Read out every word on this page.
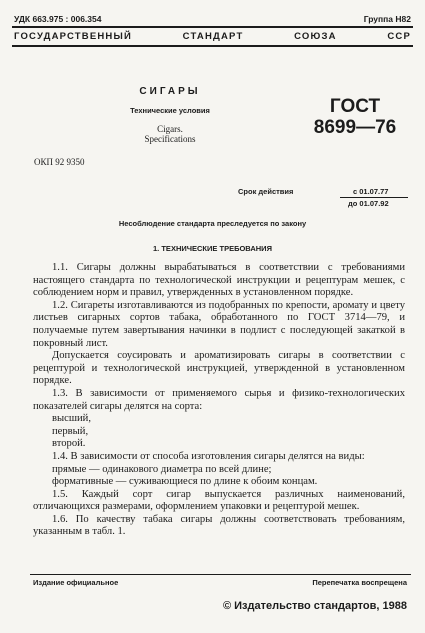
УДК 663.975 : 006.354	Группа Н82
ГОСУДАРСТВЕННЫЙ СТАНДАРТ СОЮЗА ССР
СИГАРЫ
Технические условия
Cigars.
Specifications
ГОСТ
8699—76
ОКП 92 9350
Срок действия	с 01.07.77
до 01.07.92
Несоблюдение стандарта преследуется по закону
1. ТЕХНИЧЕСКИЕ ТРЕБОВАНИЯ

1.1. Сигары должны вырабатываться в соответствии с требованиями настоящего стандарта по технологической инструкции и рецептурам мешек, с соблюдением норм и правил, утвержденных в установленном порядке.

1.2. Сигареты изготавливаются из подобранных по крепости, аромату и цвету листьев сигарных сортов табака, обработанного по ГОСТ 3714—79, и получаемые путем завертывания начинки в подлист с последующей закаткой в покровный лист.

Допускается соусировать и ароматизировать сигары в соответствии с рецептурой и технологической инструкцией, утвержденной в установленном порядке.

1.3. В зависимости от применяемого сырья и физико-технологических показателей сигары делятся на сорта:

высший,

первый,

второй.

1.4. В зависимости от способа изготовления сигары делятся на виды:

прямые — одинакового диаметра по всей длине;

формативные — суживающиеся по длине к обоим концам.

1.5. Каждый сорт сигар выпускается различных наименований, отличающихся размерами, оформлением упаковки и рецептурой мешек.

1.6. По качеству табака сигары должны соответствовать требованиям, указанным в табл. 1.

Издание официальное	Перепечатка воспрещена
© Издательство стандартов, 1988
